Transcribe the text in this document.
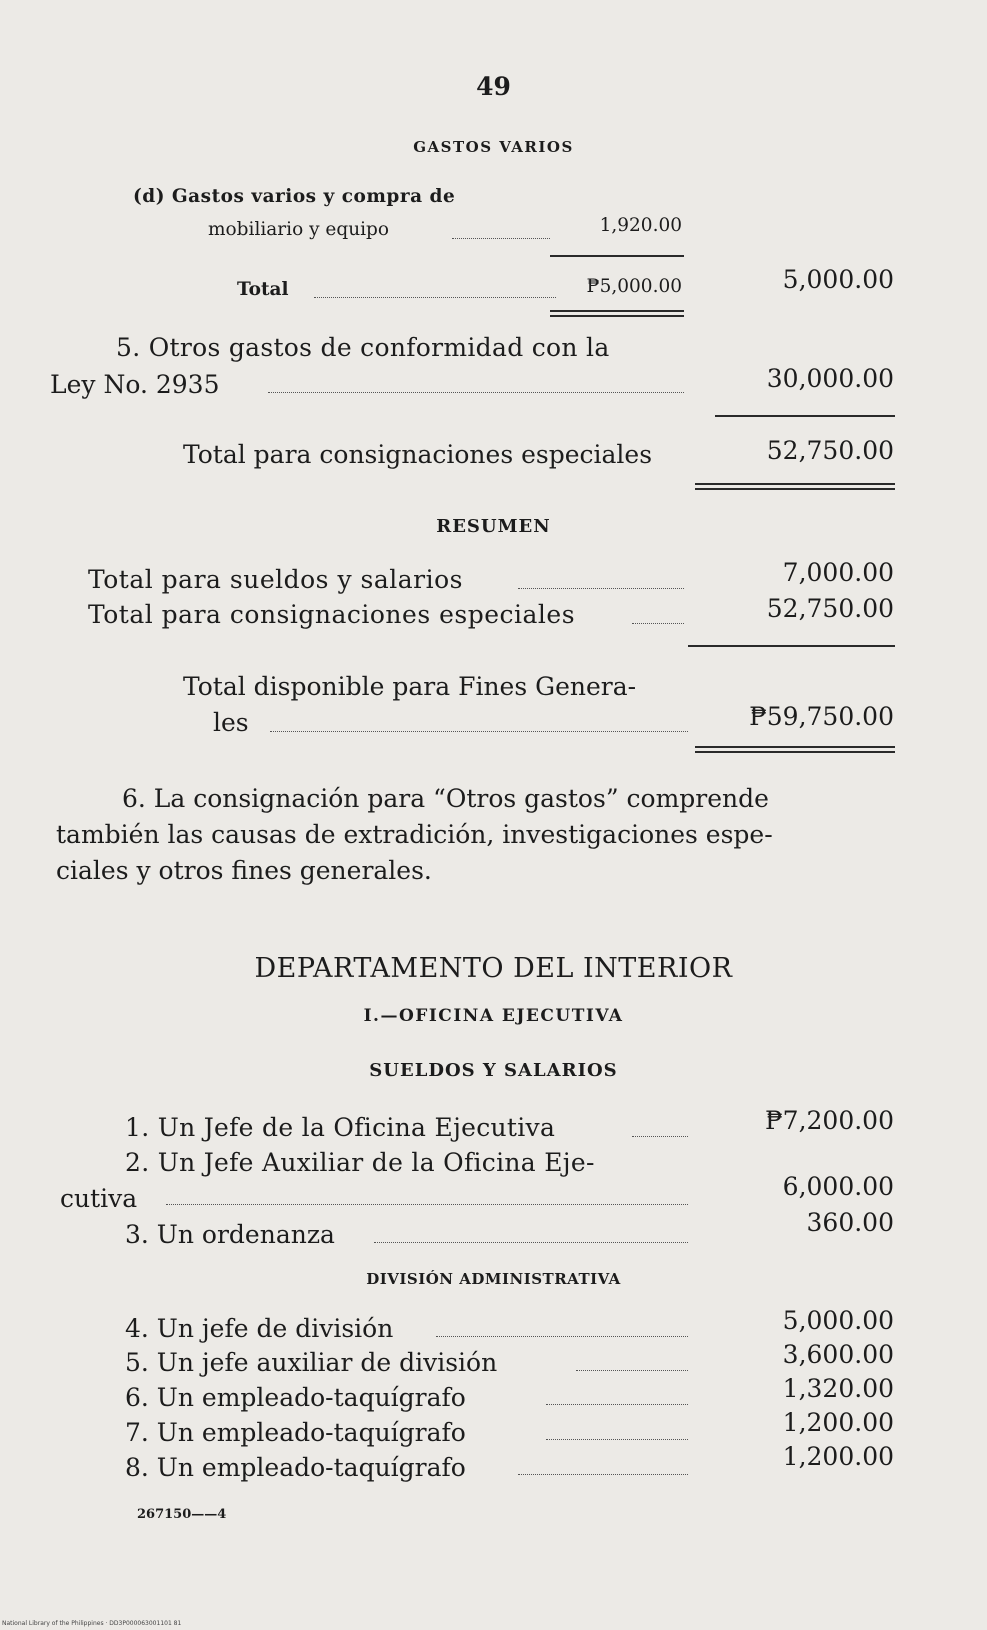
49
GASTOS VARIOS
(d) Gastos varios y compra de
mobiliario y equipo	1,920.00
Total	₱5,000.00	5,000.00
5. Otros gastos de conformidad con la
Ley No. 2935	30,000.00
Total para consignaciones especiales	52,750.00
RESUMEN
Total para sueldos y salarios	7,000.00
Total para consignaciones especiales	52,750.00
Total disponible para Fines Genera-
les	₱59,750.00
6. La consignación para “Otros gastos” comprende
también las causas de extradición, investigaciones espe-
ciales y otros fines generales.
DEPARTAMENTO DEL INTERIOR
I.—OFICINA EJECUTIVA
SUELDOS Y SALARIOS
1. Un Jefe de la Oficina Ejecutiva	₱7,200.00
2. Un Jefe Auxiliar de la Oficina Eje-
cutiva	6,000.00
3. Un ordenanza	360.00
DIVISIÓN ADMINISTRATIVA
4. Un jefe de división	5,000.00
5. Un jefe auxiliar de división	3,600.00
6. Un empleado-taquígrafo	1,320.00
7. Un empleado-taquígrafo	1,200.00
8. Un empleado-taquígrafo	1,200.00
267150——4
National Library of the Philippines · DD3P000063001101 81
